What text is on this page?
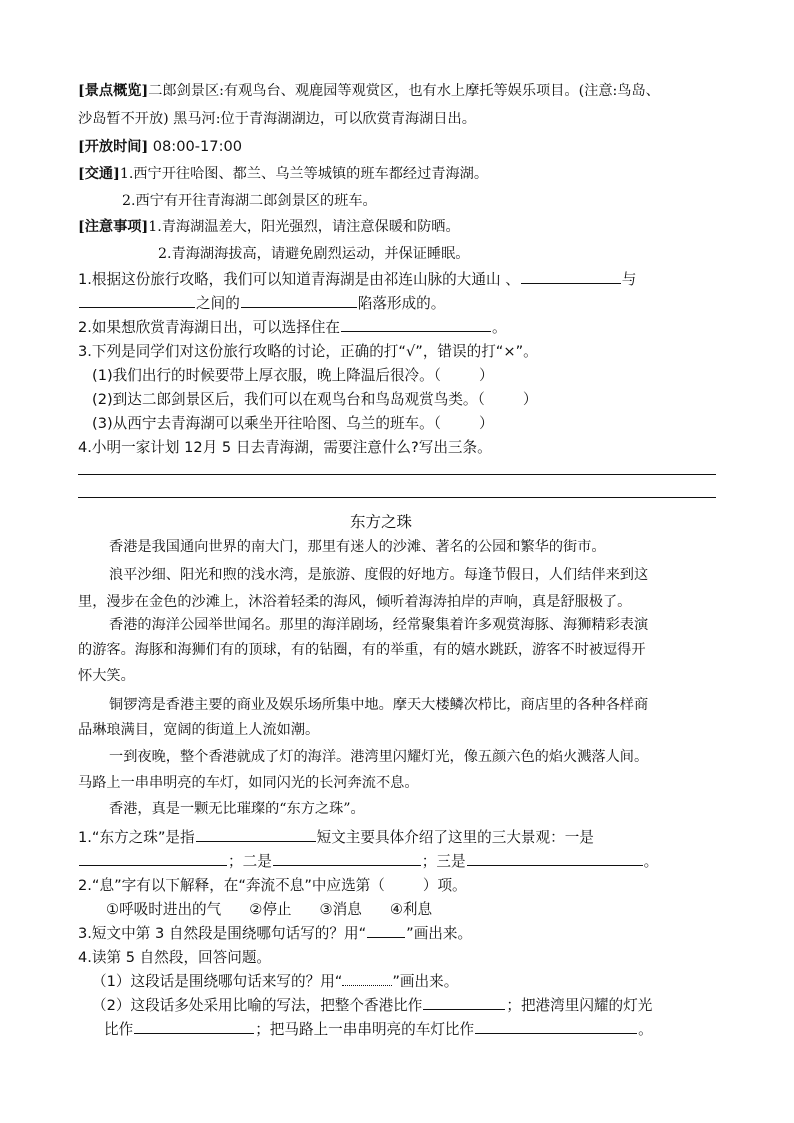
[景点概览]二郎剑景区:有观鸟台、观鹿园等观赏区，也有水上摩托等娱乐项目。(注意:鸟岛、
沙岛暂不开放) 黑马河:位于青海湖湖边，可以欣赏青海湖日出。
[开放时间] 08:00-17:00
[交通]1.西宁开往哈图、都兰、乌兰等城镇的班车都经过青海湖。
2.西宁有开往青海湖二郎剑景区的班车。
[注意事项]1.青海湖温差大，阳光强烈，请注意保暖和防晒。
2.青海湖海拔高，请避免剧烈运动，并保证睡眠。
1.根据这份旅行攻略，我们可以知道青海湖是由祁连山脉的大通山 、	与
之间的	陷落形成的。
2.如果想欣赏青海湖日出，可以选择住在	。
3.下列是同学们对这份旅行攻略的讨论，正确的打“√”，错误的打“×”。
(1)我们出行的时候要带上厚衣服，晚上降温后很冷。（	）
(2)到达二郎剑景区后，我们可以在观鸟台和鸟岛观赏鸟类。（	）
(3)从西宁去青海湖可以乘坐开往哈图、乌兰的班车。（	）
4.小明一家计划 12月 5 日去青海湖，需要注意什么?写出三条。
东方之珠
香港是我国通向世界的南大门，那里有迷人的沙滩、著名的公园和繁华的街市。
浪平沙细、阳光和煦的浅水湾，是旅游、度假的好地方。每逢节假日，人们结伴来到这
里，漫步在金色的沙滩上，沐浴着轻柔的海风，倾听着海涛拍岸的声响，真是舒服极了。
香港的海洋公园举世闻名。那里的海洋剧场，经常聚集着许多观赏海豚、海狮精彩表演
的游客。海豚和海狮们有的顶球，有的钻圈，有的举重，有的嬉水跳跃，游客不时被逗得开
怀大笑。
铜锣湾是香港主要的商业及娱乐场所集中地。摩天大楼鳞次栉比，商店里的各种各样商
品琳琅满目，宽阔的街道上人流如潮。
一到夜晚，整个香港就成了灯的海洋。港湾里闪耀灯光，像五颜六色的焰火溅落人间。
马路上一串串明亮的车灯，如同闪光的长河奔流不息。
香港，真是一颗无比璀璨的“东方之珠”。
1.“东方之珠”是指	短文主要具体介绍了这里的三大景观：一是
；二是	；三是	。
2.“息”字有以下解释，在“奔流不息”中应选第（	）项。
①呼吸时进出的气 ②停止 ③消息 ④利息
3.短文中第 3 自然段是围绕哪句话写的？用“	”画出来。
4.读第 5 自然段，回答问题。
（1）这段话是围绕哪句话来写的？用“	”画出来。
（2）这段话多处采用比喻的写法，把整个香港比作	；把港湾里闪耀的灯光
比作	；把马路上一串串明亮的车灯比作	。
